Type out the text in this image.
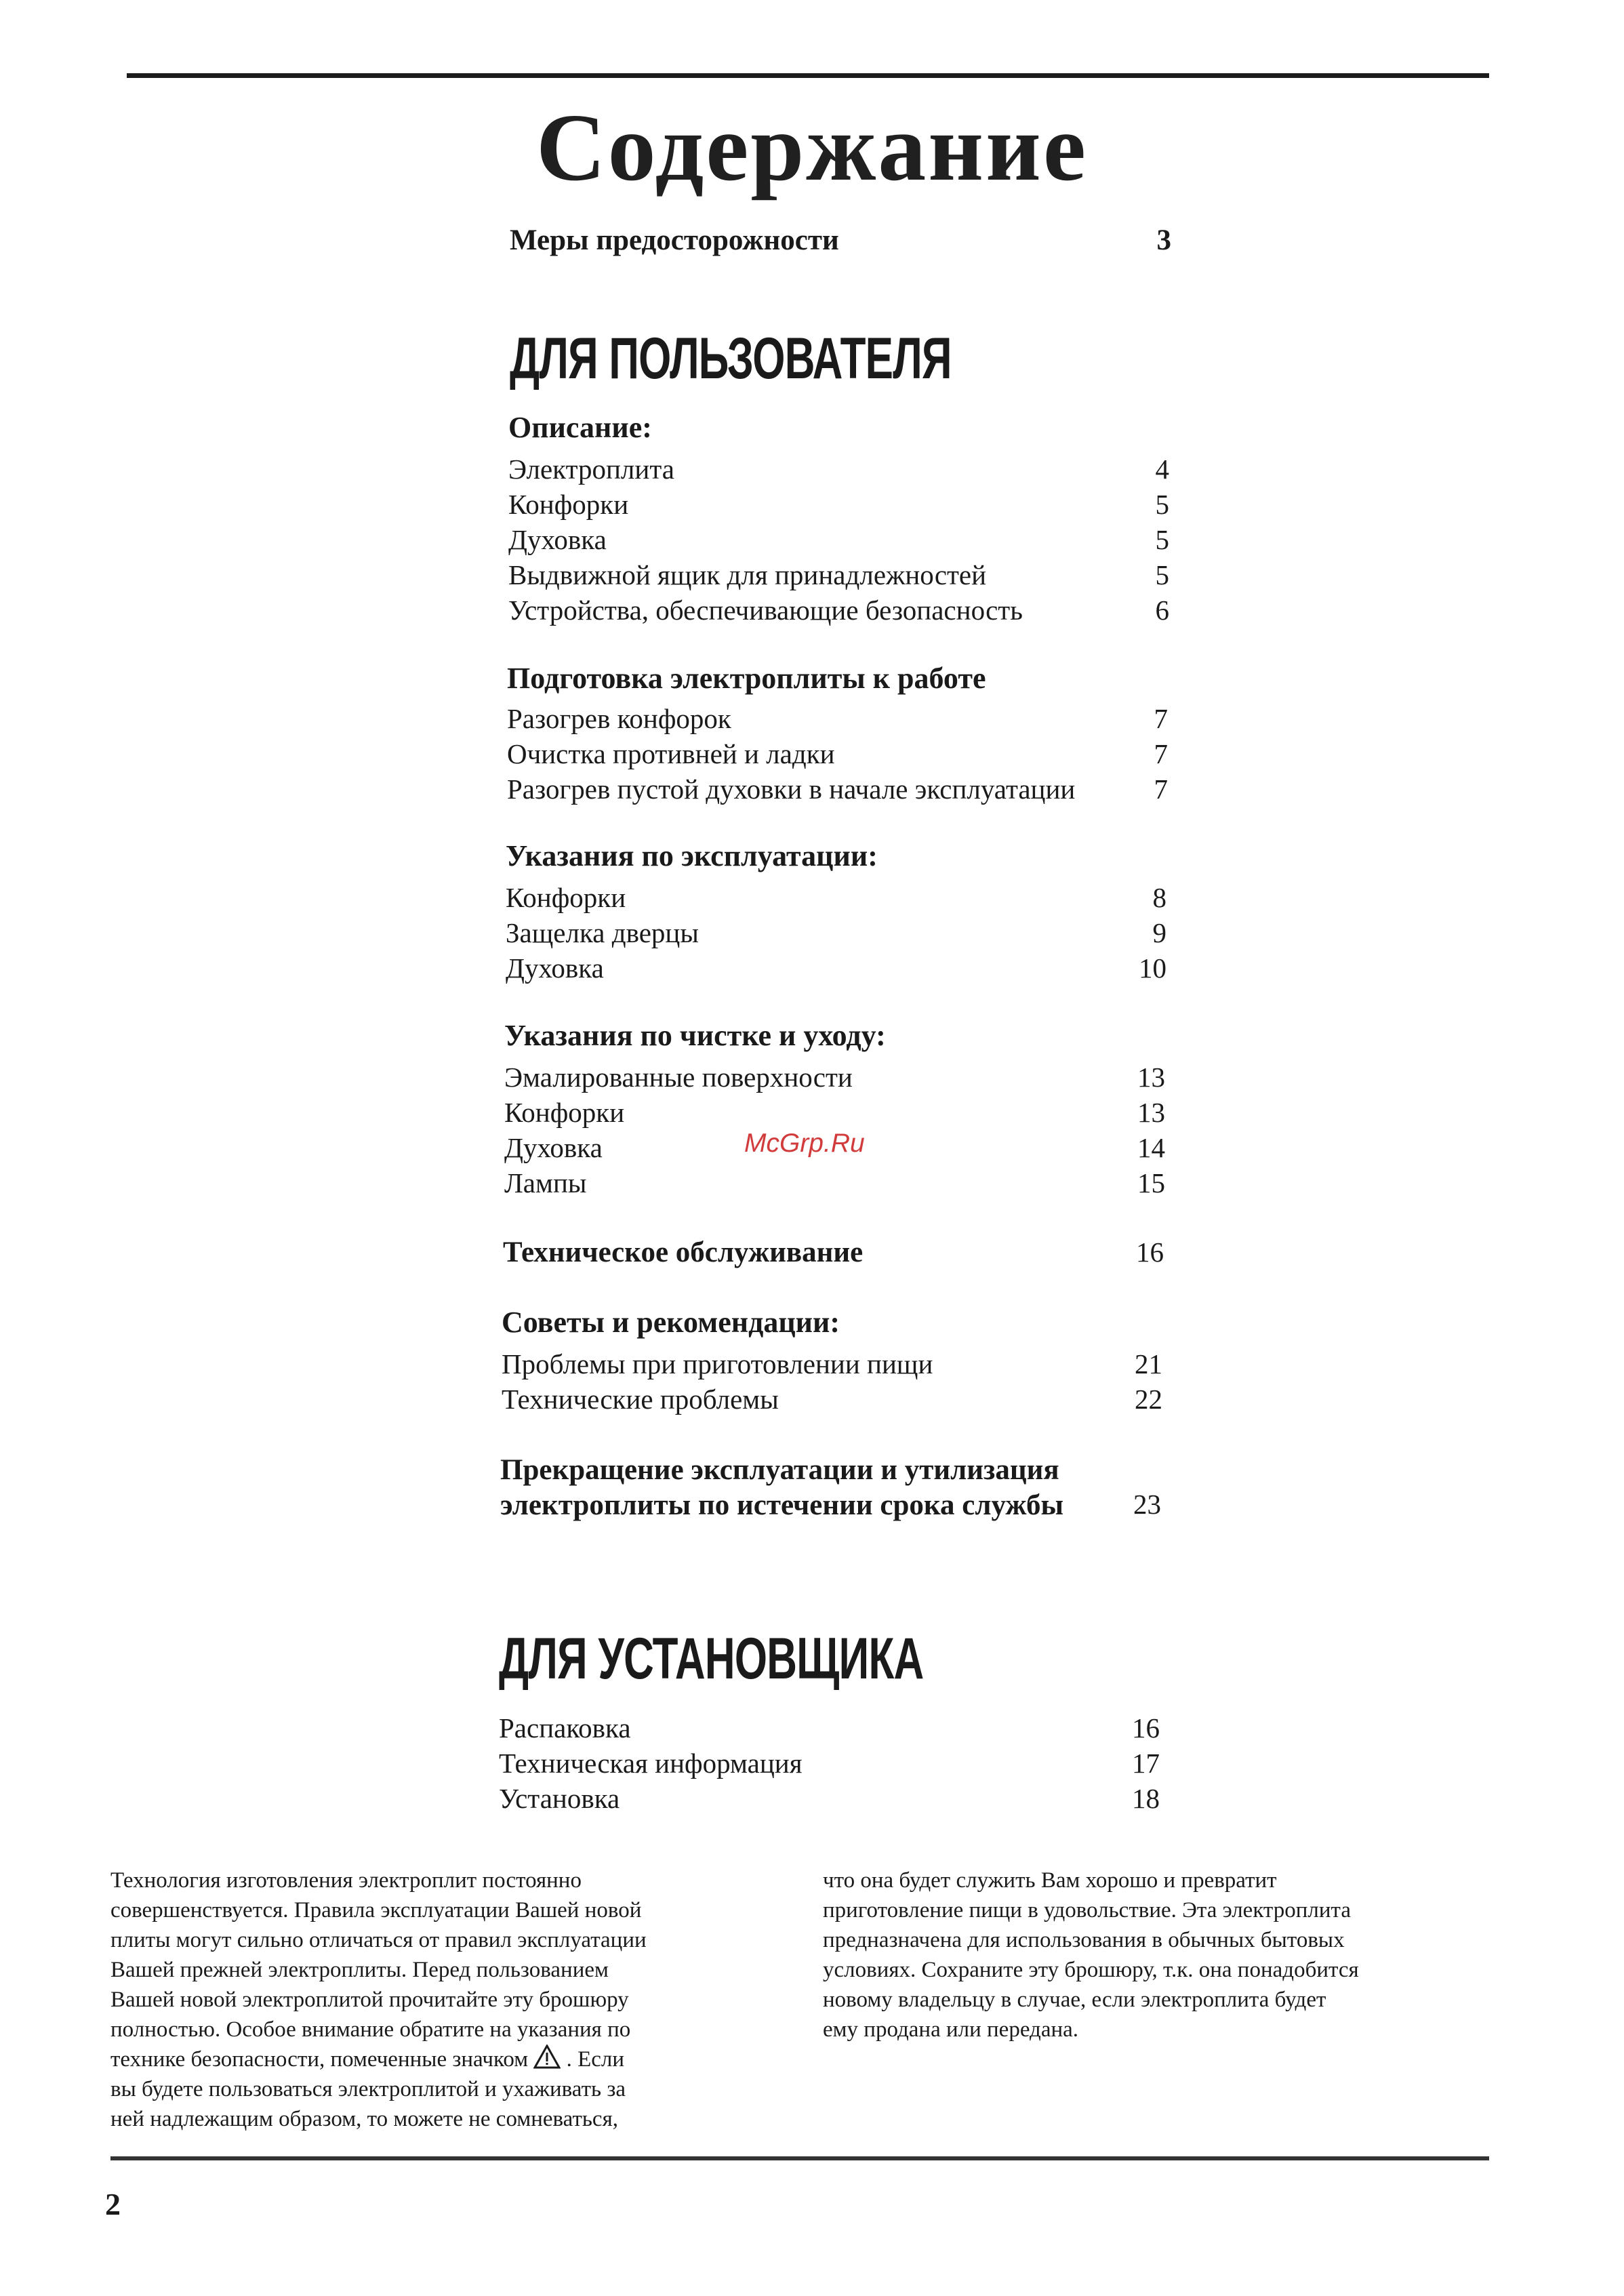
Содержание
Меры предосторожности	3
ДЛЯ ПОЛЬЗОВАТЕЛЯ
Описание:
Электроплита	4
Конфорки	5
Духовка	5
Выдвижной ящик для принадлежностей	5
Устройства, обеспечивающие безопасность	6
Подготовка электроплиты к работе
Разогрев конфорок	7
Очистка противней и ладки	7
Разогрев пустой духовки в начале эксплуатации	7
Указания по эксплуатации:
Конфорки	8
Защелка дверцы	9
Духовка	10
Указания по чистке и уходу:
Эмалированные поверхности	13
Конфорки	13
Духовка	14
Лампы	15
Техническое обслуживание	16
Советы и рекомендации:
Проблемы при приготовлении пищи	21
Технические проблемы	22
Прекращение эксплуатации и утилизация
электроплиты по истечении срока службы	23
ДЛЯ УСТАНОВЩИКА
Распаковка	16
Техническая информация	17
Установка	18
McGrp.Ru
Технология изготовления электроплит постоянно
совершенствуется. Правила эксплуатации Вашей новой
плиты могут сильно отличаться от правил эксплуатации
Вашей прежней электроплиты. Перед пользованием
Вашей новой электроплитой прочитайте эту брошюру
полностью. Особое внимание обратите на указания по
технике безопасности, помеченные значком . Если
вы будете пользоваться электроплитой и ухаживать за
ней надлежащим образом, то можете не сомневаться,
что она будет служить Вам хорошо и превратит
приготовление пищи в удовольствие. Эта электроплита
предназначена для использования в обычных бытовых
условиях. Сохраните эту брошюру, т.к. она понадобится
новому владельцу в случае, если электроплита будет
ему продана или передана.
2
